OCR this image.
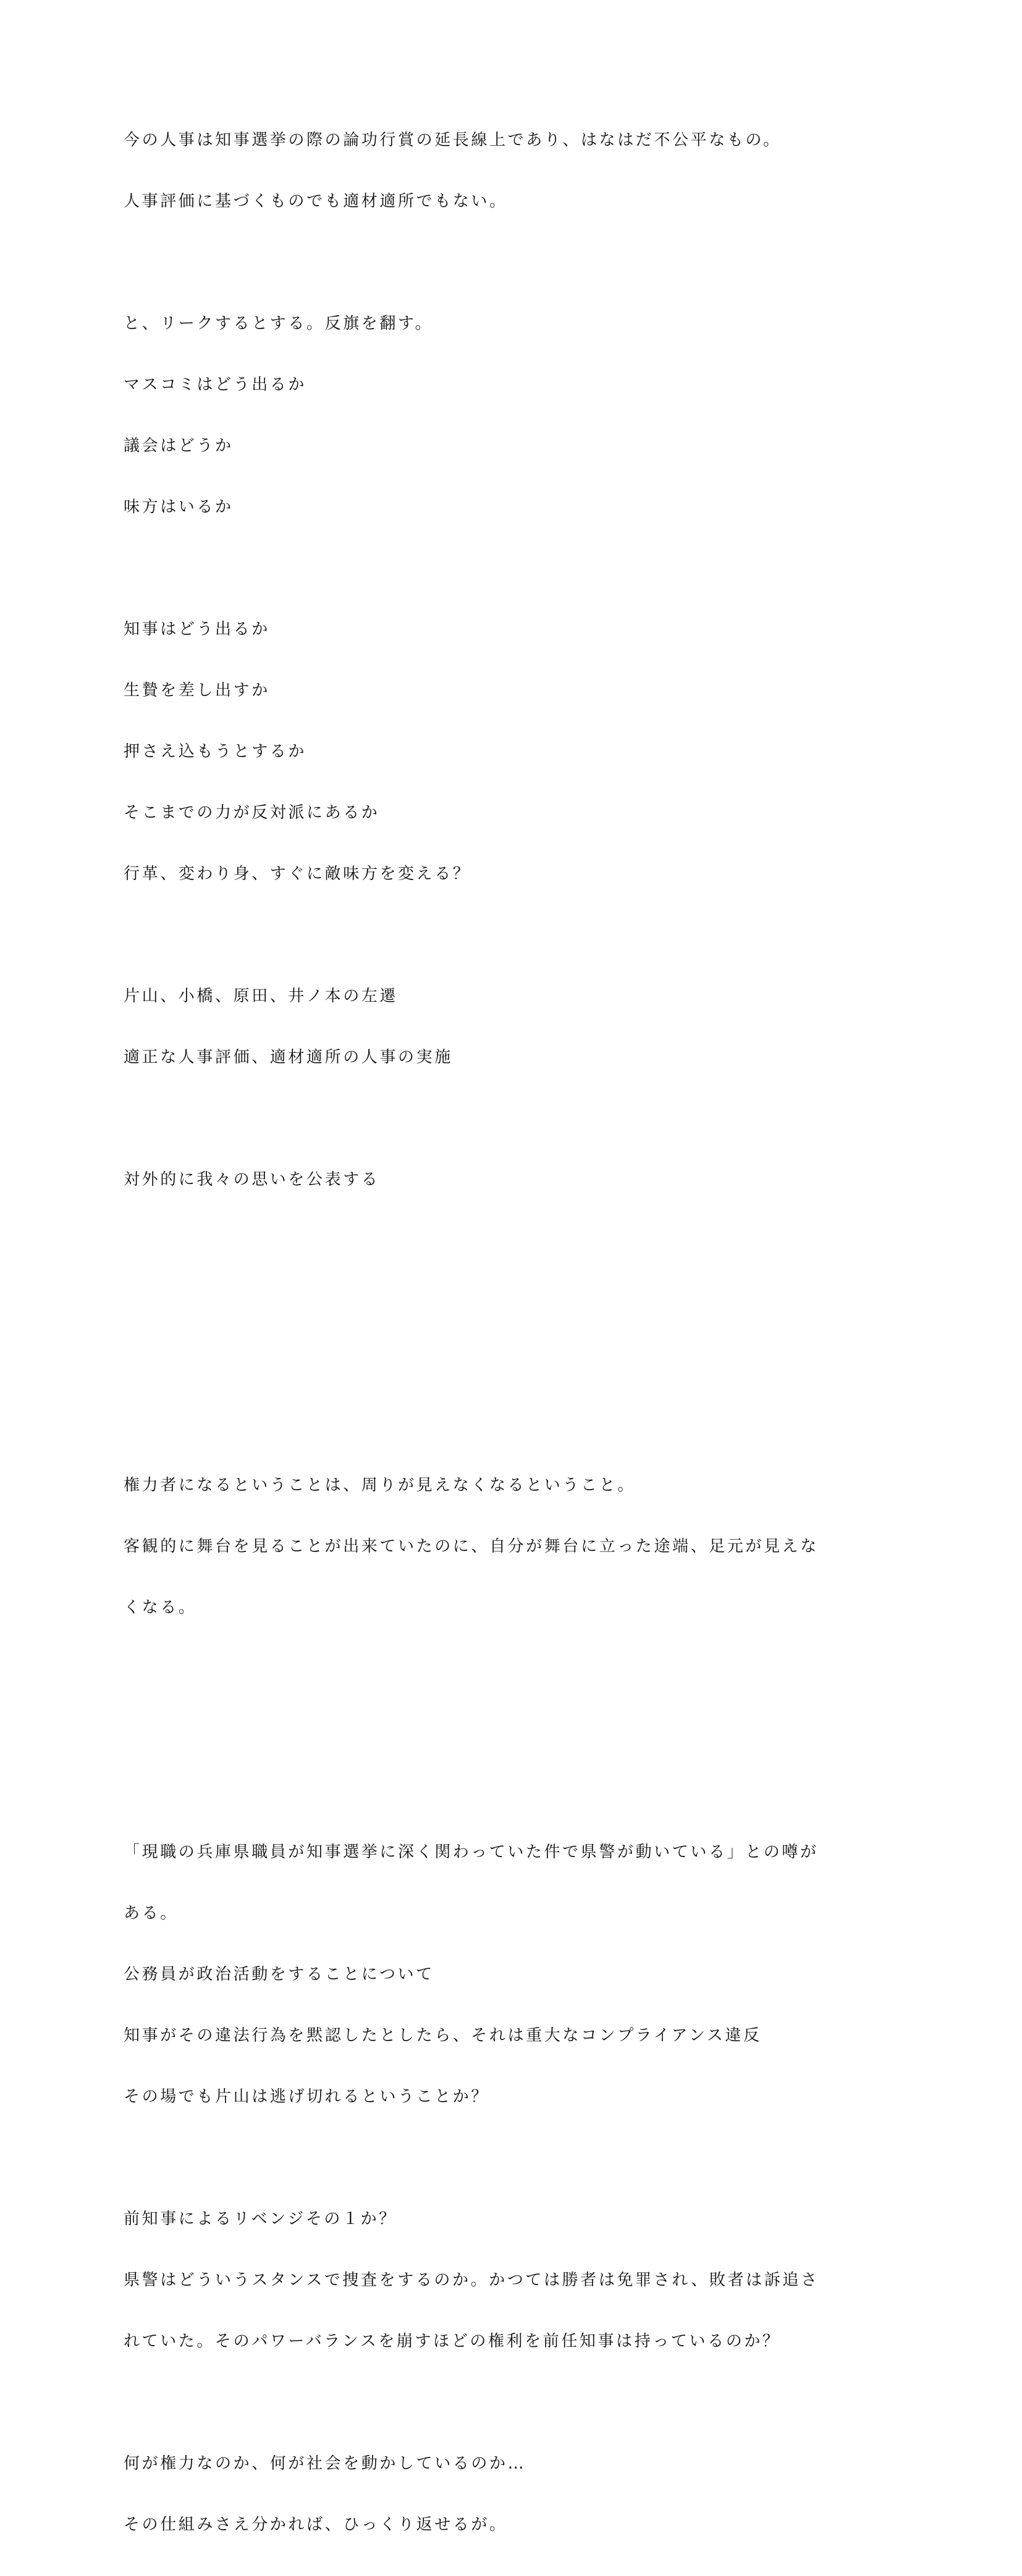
今の人事は知事選挙の際の論功行賞の延長線上であり、はなはだ不公平なもの。

人事評価に基づくものでも適材適所でもない。

と、リークするとする。反旗を翻す。

マスコミはどう出るか

議会はどうか

味方はいるか

知事はどう出るか

生贄を差し出すか

押さえ込もうとするか

そこまでの力が反対派にあるか

行革、変わり身、すぐに敵味方を変える？

片山、小橋、原田、井ノ本の左遷

適正な人事評価、適材適所の人事の実施

対外的に我々の思いを公表する

権力者になるということは、周りが見えなくなるということ。

客観的に舞台を見ることが出来ていたのに、自分が舞台に立った途端、足元が見えな

くなる。

「現職の兵庫県職員が知事選挙に深く関わっていた件で県警が動いている」との噂が

ある。

公務員が政治活動をすることについて

知事がその違法行為を黙認したとしたら、それは重大なコンプライアンス違反

その場でも片山は逃げ切れるということか？

前知事によるリベンジその１か？

県警はどういうスタンスで捜査をするのか。かつては勝者は免罪され、敗者は訴追さ

れていた。そのパワーバランスを崩すほどの権利を前任知事は持っているのか？

何が権力なのか、何が社会を動かしているのか…

その仕組みさえ分かれば、ひっくり返せるが。
